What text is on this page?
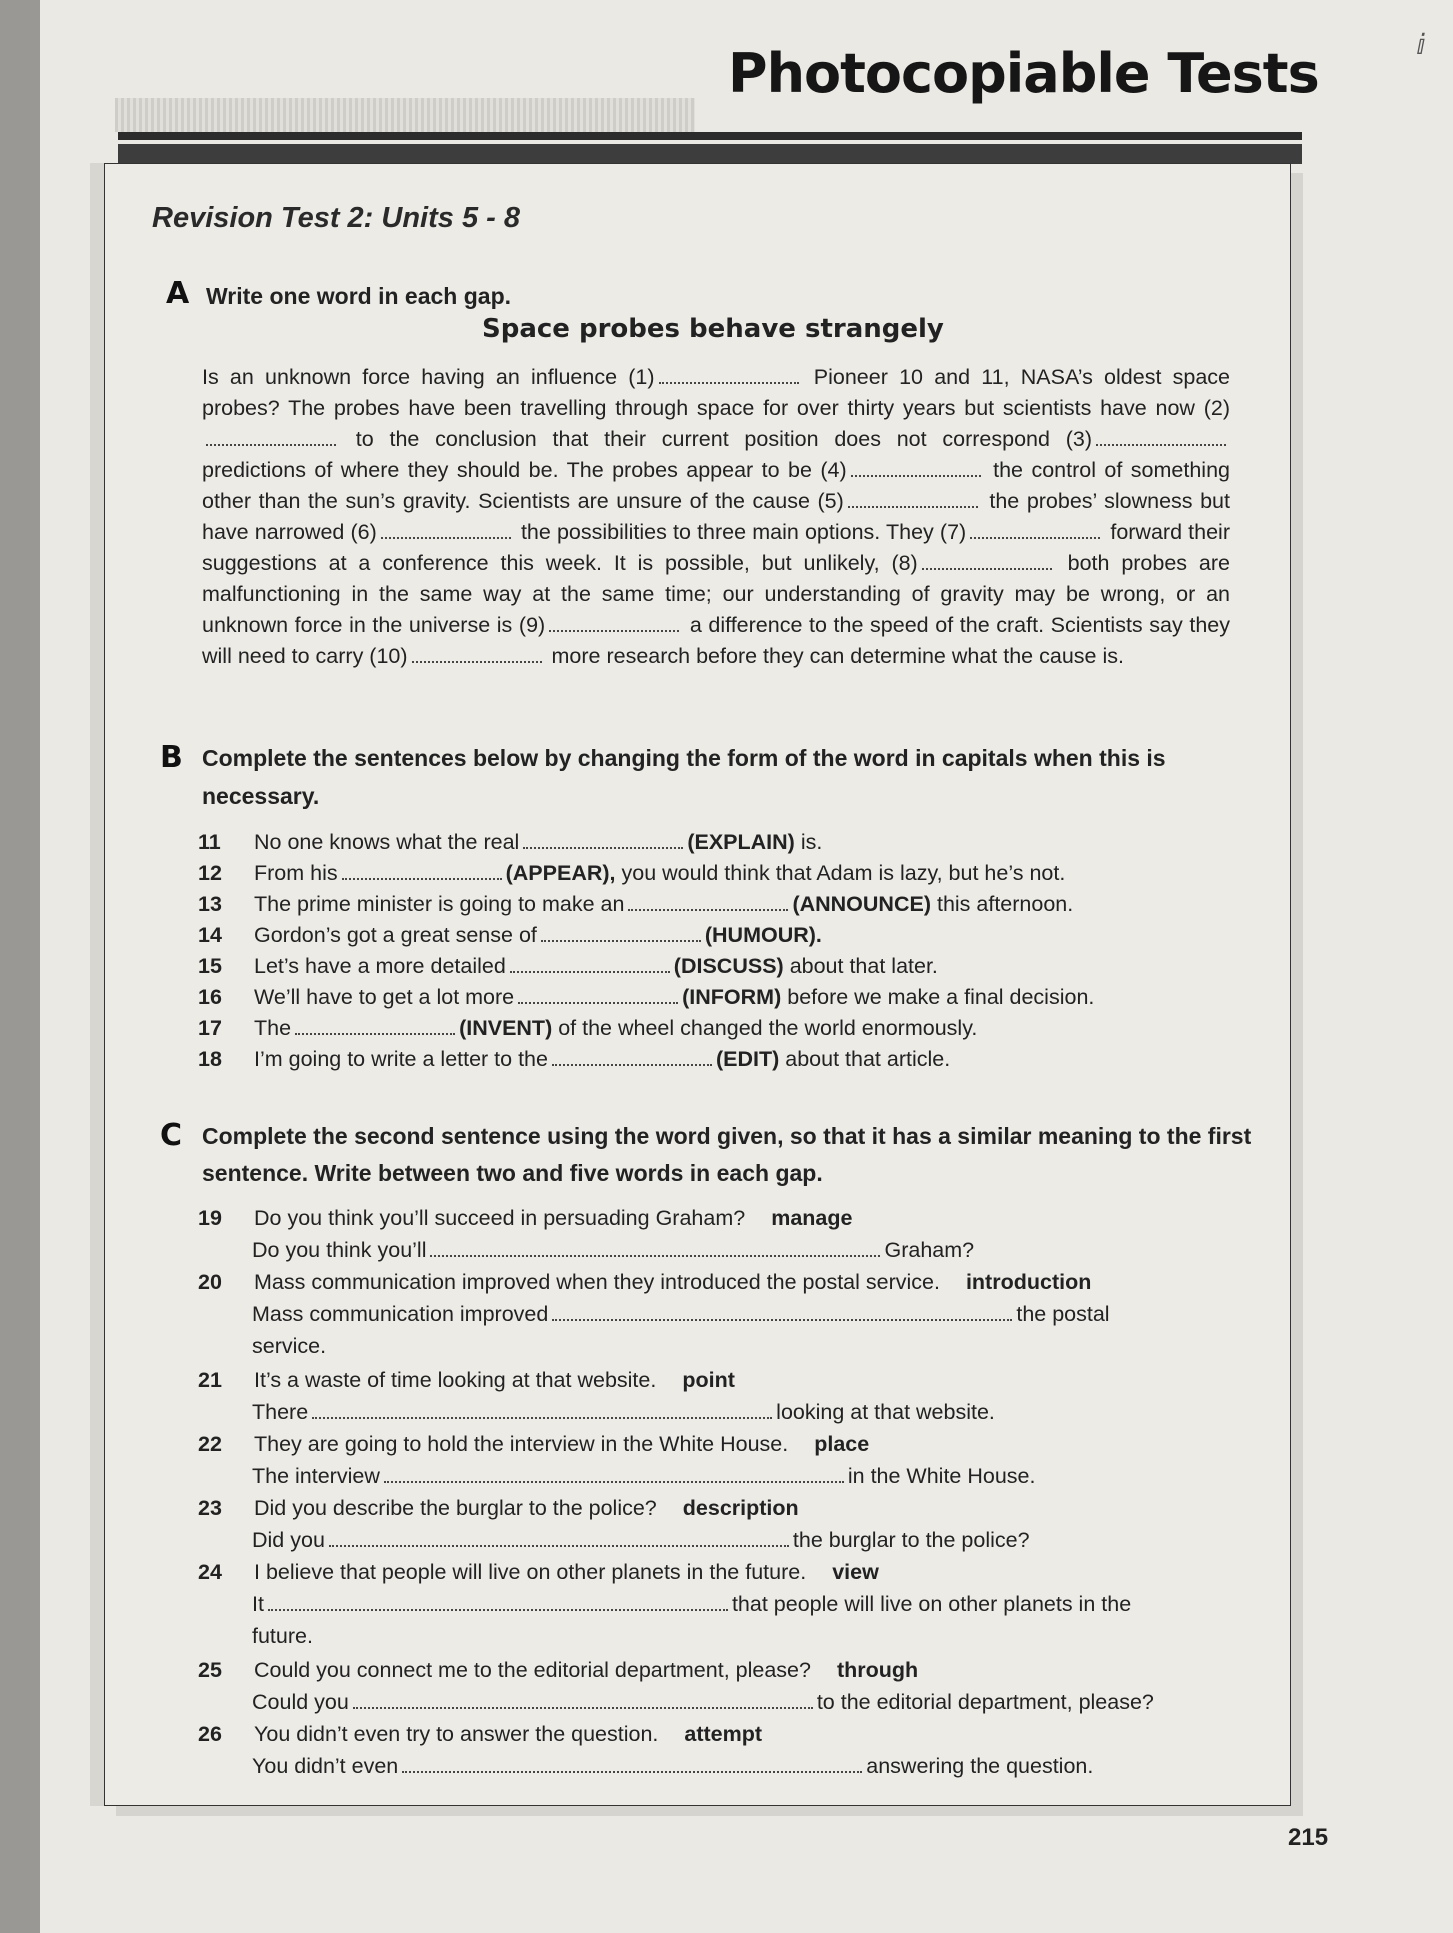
Photocopiable Tests	ⅈ
Revision Test 2: Units 5 - 8
A Write one word in each gap.
Space probes behave strangely
Is an unknown force having an influence (1)	Pioneer 10 and 11, NASA’s oldest space probes? The probes have been travelling through space for over thirty years but scientists have now (2) to the conclusion that their current position does not correspond (3) predictions of where they should be. The probes appear to be (4)	the control of something other than the sun’s gravity. Scientists are unsure of the cause (5)	the probes’ slowness but have narrowed (6)	the possibilities to three main options. They (7)	forward their suggestions at a conference this week. It is possible, but unlikely, (8)	both probes are malfunctioning in the same way at the same time; our understanding of gravity may be wrong, or an unknown force in the universe is (9)	a difference to the speed of the craft. Scientists say they will need to carry (10)	more research before they can determine what the cause is.
B Complete the sentences below by changing the form of the word in capitals when this is
necessary.
11 No one knows what the real	(EXPLAIN) is.
12 From his	(APPEAR), you would think that Adam is lazy, but he’s not.
13 The prime minister is going to make an	(ANNOUNCE) this afternoon.
14 Gordon’s got a great sense of	(HUMOUR).
15 Let’s have a more detailed	(DISCUSS) about that later.
16 We’ll have to get a lot more	(INFORM) before we make a final decision.
17 The	(INVENT) of the wheel changed the world enormously.
18 I’m going to write a letter to the	(EDIT) about that article.
C Complete the second sentence using the word given, so that it has a similar meaning to the first
sentence. Write between two and five words in each gap.
19 Do you think you’ll succeed in persuading Graham? manage
Do you think you’ll	Graham?
20 Mass communication improved when they introduced the postal service. introduction
Mass communication improved	the postal
service.
21 It’s a waste of time looking at that website. point
There	looking at that website.
22 They are going to hold the interview in the White House. place
The interview	in the White House.
23 Did you describe the burglar to the police? description
Did you	the burglar to the police?
24 I believe that people will live on other planets in the future. view
It	that people will live on other planets in the
future.
25 Could you connect me to the editorial department, please? through
Could you	to the editorial department, please?
26 You didn’t even try to answer the question. attempt
You didn’t even	answering the question.
215
